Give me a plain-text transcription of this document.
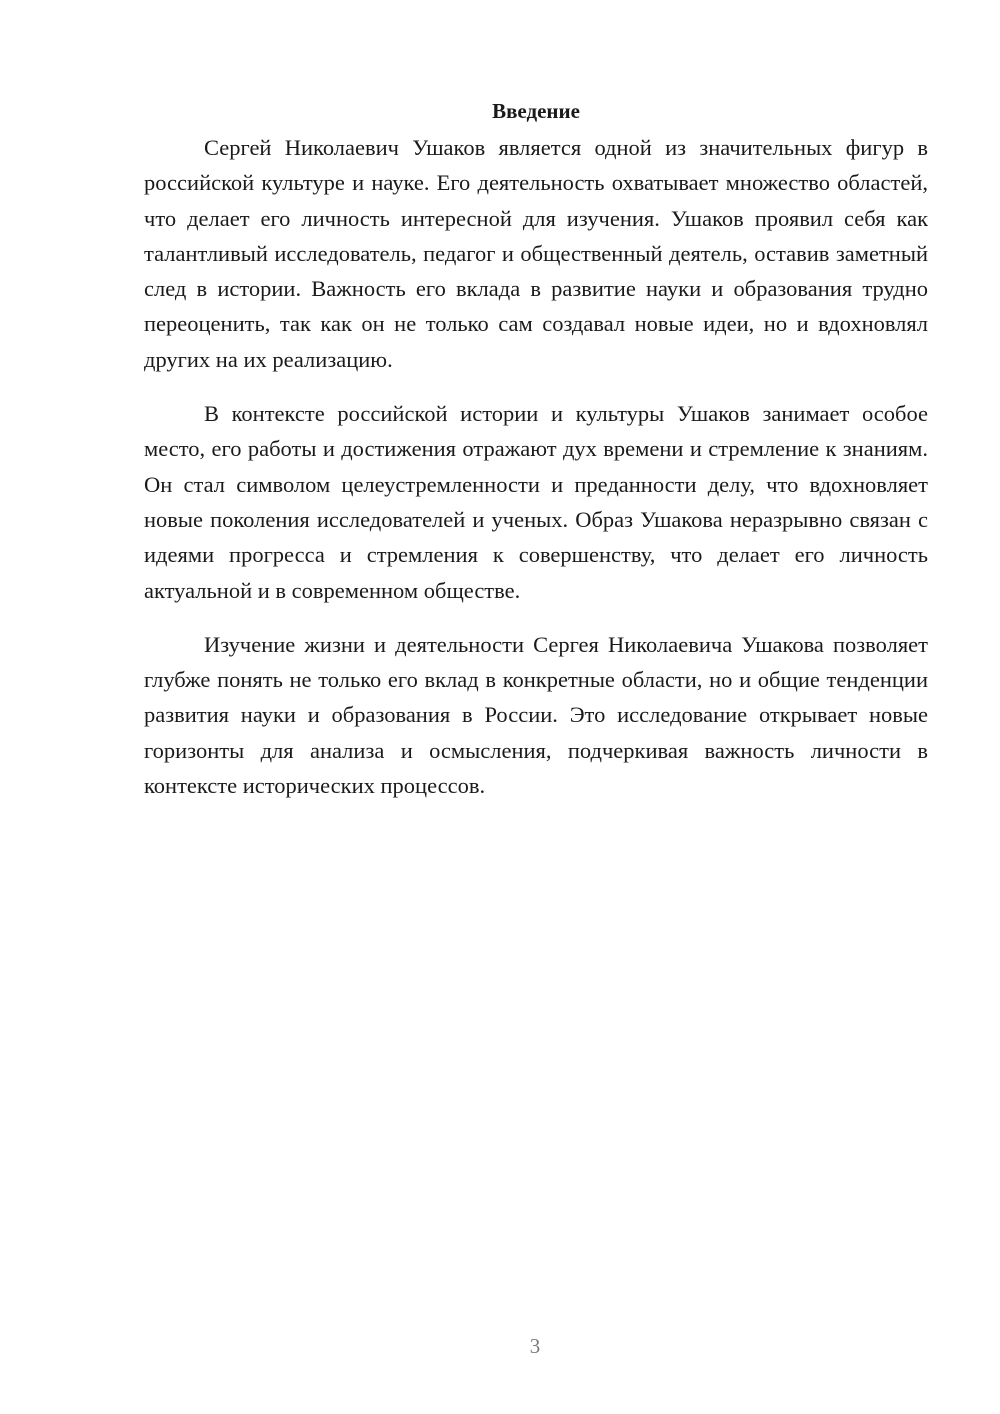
Введение

Сергей Николаевич Ушаков является одной из значительных фигур в российской культуре и науке. Его деятельность охватывает множество областей, что делает его личность интересной для изучения. Ушаков проявил себя как талантливый исследователь, педагог и общественный деятель, оставив заметный след в истории. Важность его вклада в развитие науки и образования трудно переоценить, так как он не только сам создавал новые идеи, но и вдохновлял других на их реализацию.

В контексте российской истории и культуры Ушаков занимает особое место, его работы и достижения отражают дух времени и стремление к знаниям. Он стал символом целеустремленности и преданности делу, что вдохновляет новые поколения исследователей и ученых. Образ Ушакова неразрывно связан с идеями прогресса и стремления к совершенству, что делает его личность актуальной и в современном обществе.

Изучение жизни и деятельности Сергея Николаевича Ушакова позволяет глубже понять не только его вклад в конкретные области, но и общие тенденции развития науки и образования в России. Это исследование открывает новые горизонты для анализа и осмысления, подчеркивая важность личности в контексте исторических процессов.

3
